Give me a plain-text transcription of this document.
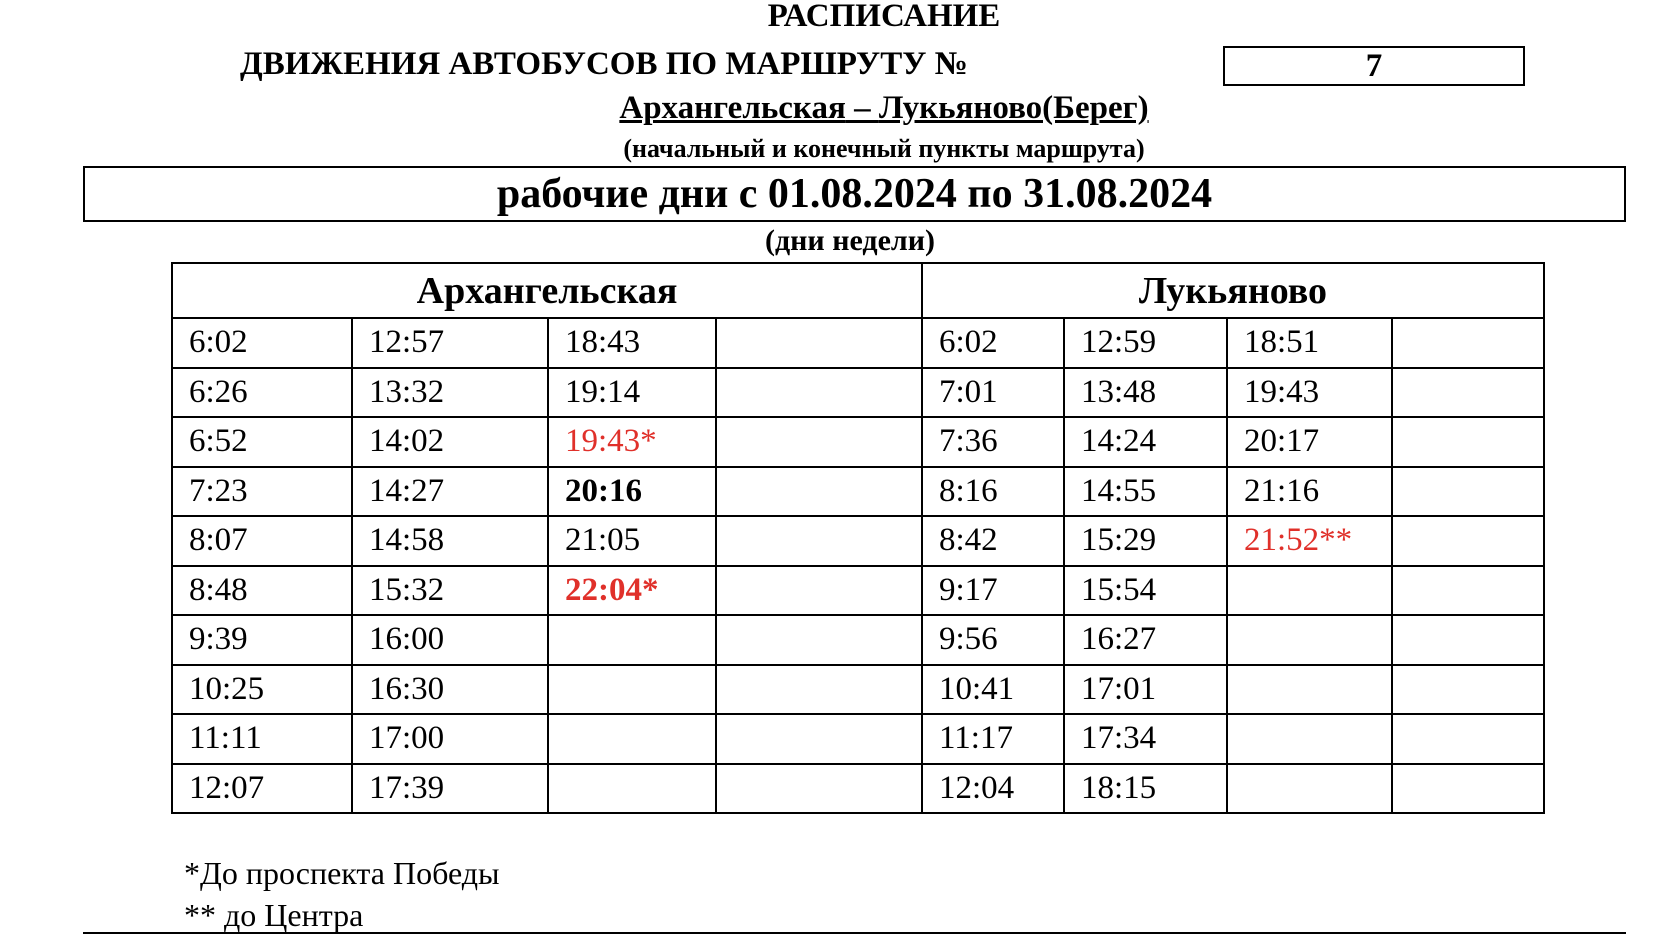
РАСПИСАНИЕ
ДВИЖЕНИЯ АВТОБУСОВ ПО МАРШРУТУ №	7
Архангельская – Лукьяново(Берег)
(начальный и конечный пункты маршрута)
рабочие дни с 01.08.2024 по 31.08.2024
(дни недели)
Архангельская				Лукьяново			
6:02	12:57	18:43		6:02	12:59	18:51	
6:26	13:32	19:14		7:01	13:48	19:43	
6:52	14:02	19:43*		7:36	14:24	20:17	
7:23	14:27	20:16		8:16	14:55	21:16	
8:07	14:58	21:05		8:42	15:29	21:52**	
8:48	15:32	22:04*		9:17	15:54		
9:39	16:00			9:56	16:27		
10:25	16:30			10:41	17:01		
11:11	17:00			11:17	17:34		
12:07	17:39			12:04	18:15		
*До проспекта Победы
** до Центра
